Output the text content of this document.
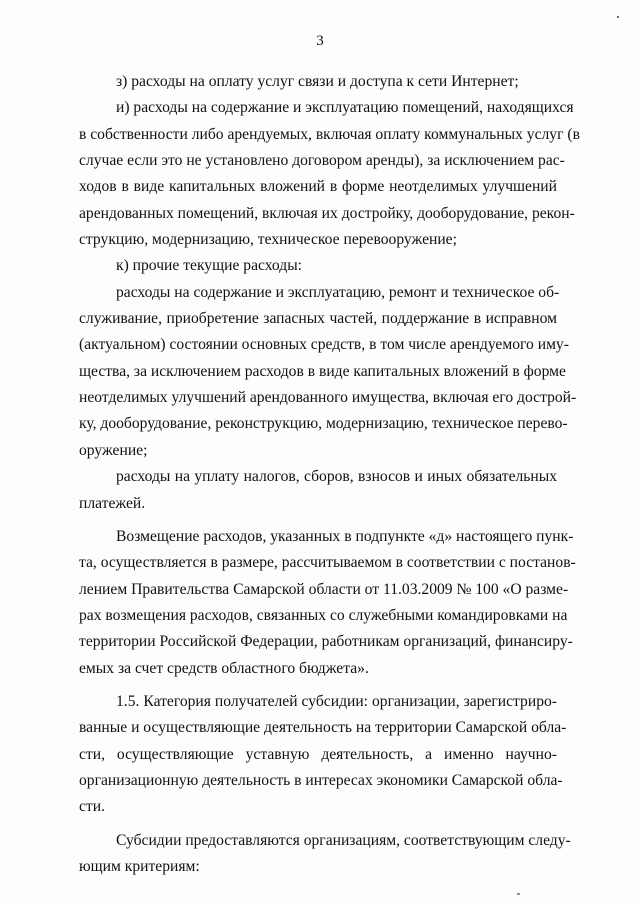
3
з) расходы на оплату услуг связи и доступа к сети Интернет;
и) расходы на содержание и эксплуатацию помещений, находящихся
в собственности либо арендуемых, включая оплату коммунальных услуг (в
случае если это не установлено договором аренды), за исключением рас-
ходов в виде капитальных вложений в форме неотделимых улучшений
арендованных помещений, включая их достройку, дооборудование, рекон-
струкцию, модернизацию, техническое перевооружение;
к) прочие текущие расходы:
расходы на содержание и эксплуатацию, ремонт и техническое об-
служивание, приобретение запасных частей, поддержание в исправном
(актуальном) состоянии основных средств, в том числе арендуемого иму-
щества, за исключением расходов в виде капитальных вложений в форме
неотделимых улучшений арендованного имущества, включая его дострой-
ку, дооборудование, реконструкцию, модернизацию, техническое перево-
оружение;
расходы на уплату налогов, сборов, взносов и иных обязательных
платежей.
Возмещение расходов, указанных в подпункте «д» настоящего пунк-
та, осуществляется в размере, рассчитываемом в соответствии с постанов-
лением Правительства Самарской области от 11.03.2009 № 100 «О разме-
рах возмещения расходов, связанных со служебными командировками на
территории Российской Федерации, работникам организаций, финансиру-
емых за счет средств областного бюджета».
1.5. Категория получателей субсидии: организации, зарегистриро-
ванные и осуществляющие деятельность на территории Самарской обла-
сти, осуществляющие уставную деятельность, а именно научно-
организационную деятельность в интересах экономики Самарской обла-
сти.
Субсидии предоставляются организациям, соответствующим следу-
ющим критериям:
